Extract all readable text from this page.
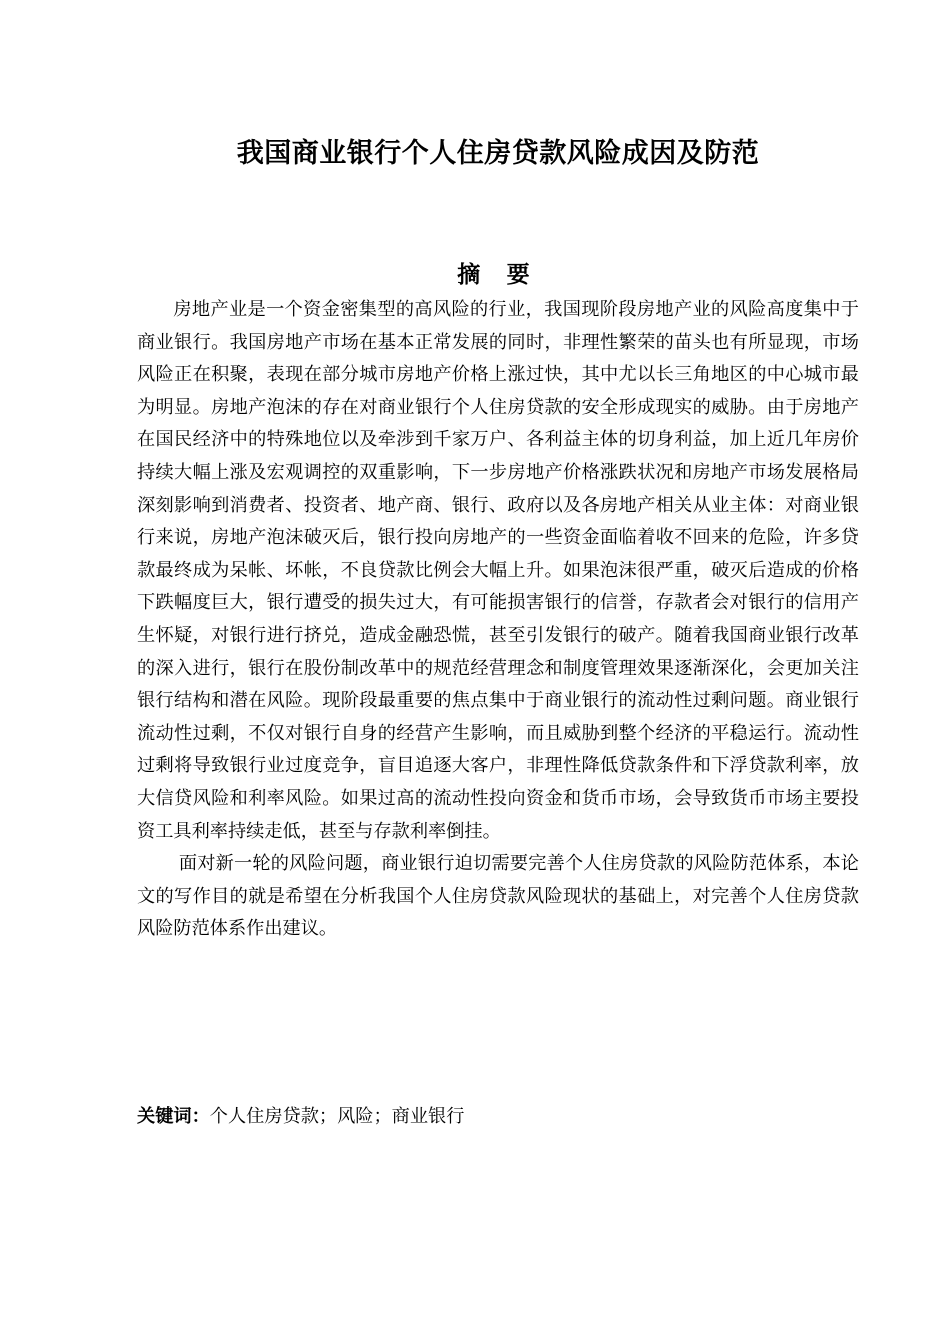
我国商业银行个人住房贷款风险成因及防范
摘 要

房地产业是一个资金密集型的高风险的行业，我国现阶段房地产业的风险高度集中于商业银行。我国房地产市场在基本正常发展的同时，非理性繁荣的苗头也有所显现，市场风险正在积聚，表现在部分城市房地产价格上涨过快，其中尤以长三角地区的中心城市最为明显。房地产泡沫的存在对商业银行个人住房贷款的安全形成现实的威胁。由于房地产在国民经济中的特殊地位以及牵涉到千家万户、各利益主体的切身利益，加上近几年房价持续大幅上涨及宏观调控的双重影响，下一步房地产价格涨跌状况和房地产市场发展格局深刻影响到消费者、投资者、地产商、银行、政府以及各房地产相关从业主体：对商业银行来说，房地产泡沫破灭后，银行投向房地产的一些资金面临着收不回来的危险，许多贷款最终成为呆帐、坏帐，不良贷款比例会大幅上升。如果泡沫很严重，破灭后造成的价格下跌幅度巨大，银行遭受的损失过大，有可能损害银行的信誉，存款者会对银行的信用产生怀疑，对银行进行挤兑，造成金融恐慌，甚至引发银行的破产。随着我国商业银行改革的深入进行，银行在股份制改革中的规范经营理念和制度管理效果逐渐深化，会更加关注银行结构和潜在风险。现阶段最重要的焦点集中于商业银行的流动性过剩问题。商业银行流动性过剩，不仅对银行自身的经营产生影响，而且威胁到整个经济的平稳运行。流动性过剩将导致银行业过度竞争，盲目追逐大客户，非理性降低贷款条件和下浮贷款利率，放大信贷风险和利率风险。如果过高的流动性投向资金和货币市场，会导致货币市场主要投资工具利率持续走低，甚至与存款利率倒挂。

面对新一轮的风险问题，商业银行迫切需要完善个人住房贷款的风险防范体系，本论文的写作目的就是希望在分析我国个人住房贷款风险现状的基础上，对完善个人住房贷款风险防范体系作出建议。

关键词：个人住房贷款；风险；商业银行
